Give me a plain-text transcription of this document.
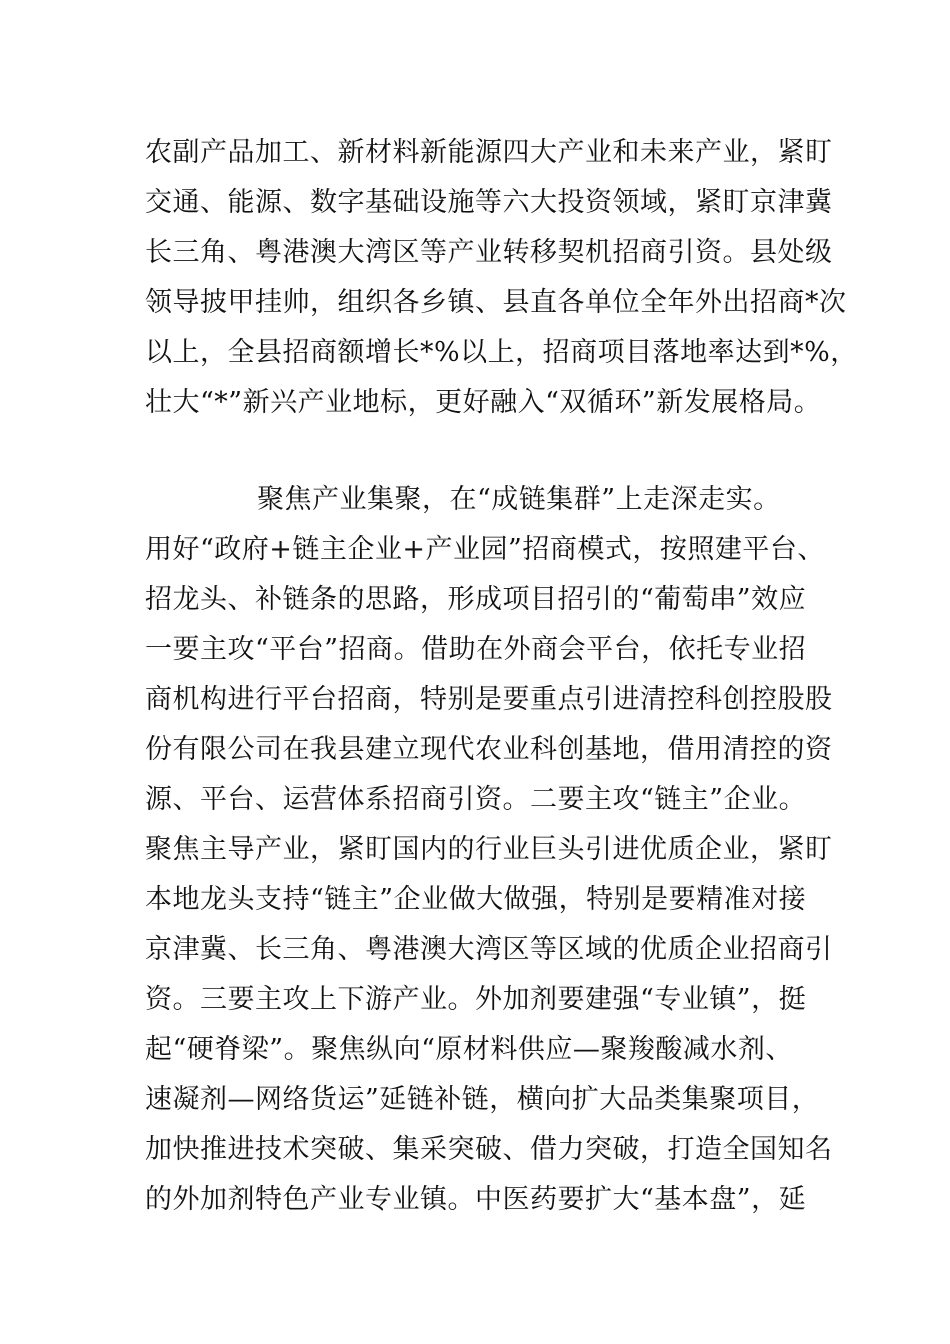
农副产品加工、新材料新能源四大产业和未来产业，紧盯
交通、能源、数字基础设施等六大投资领域，紧盯京津冀
长三角、粤港澳大湾区等产业转移契机招商引资。县处级
领导披甲挂帅，组织各乡镇、县直各单位全年外出招商*次
以上，全县招商额增长*%以上，招商项目落地率达到*%，
壮大“*”新兴产业地标，更好融入“双循环”新发展格局。
聚焦产业集聚，在“成链集群”上走深走实。
用好“政府+链主企业+产业园”招商模式，按照建平台、
招龙头、补链条的思路，形成项目招引的“葡萄串”效应
一要主攻“平台”招商。借助在外商会平台，依托专业招
商机构进行平台招商，特别是要重点引进清控科创控股股
份有限公司在我县建立现代农业科创基地，借用清控的资
源、平台、运营体系招商引资。二要主攻“链主”企业。
聚焦主导产业，紧盯国内的行业巨头引进优质企业，紧盯
本地龙头支持“链主”企业做大做强，特别是要精准对接
京津冀、长三角、粤港澳大湾区等区域的优质企业招商引
资。三要主攻上下游产业。外加剂要建强“专业镇”，挺
起“硬脊梁”。聚焦纵向“原材料供应—聚羧酸减水剂、
速凝剂—网络货运”延链补链，横向扩大品类集聚项目，
加快推进技术突破、集采突破、借力突破，打造全国知名
的外加剂特色产业专业镇。中医药要扩大“基本盘”，延
